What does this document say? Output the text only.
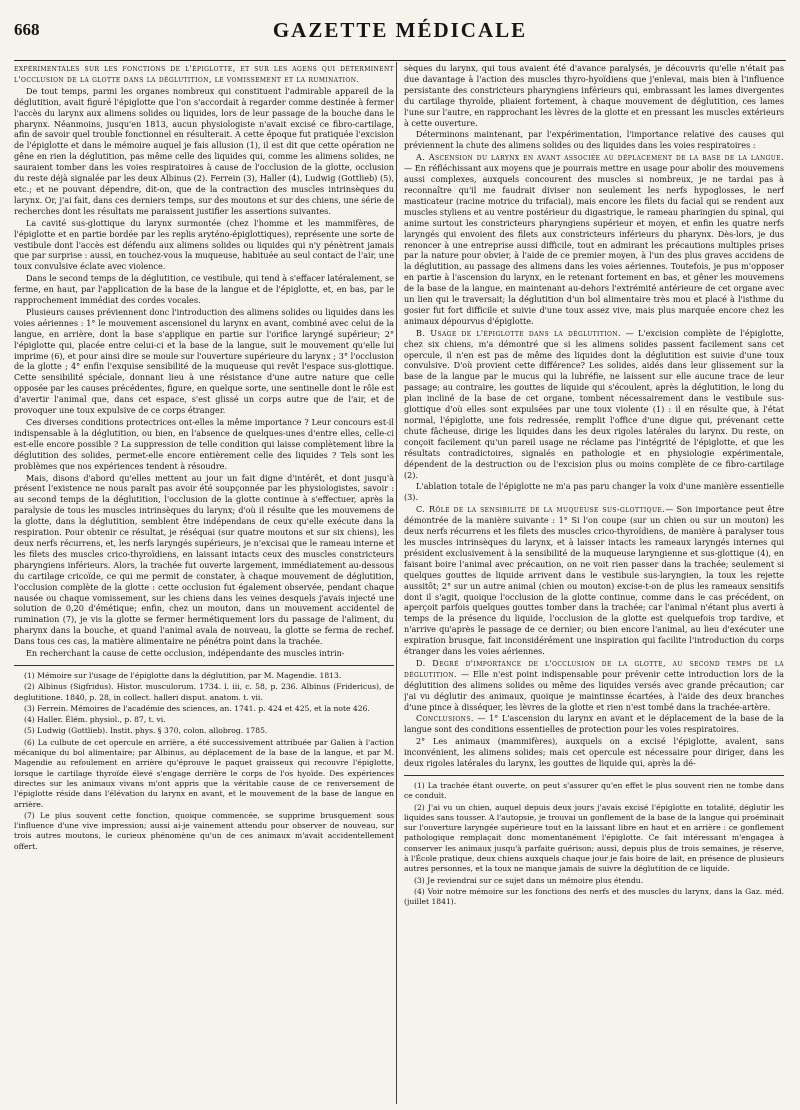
668	GAZETTE MÉDICALE

expérimentales sur les fonctions de l'épiglotte, et sur les agens qui déterminent l'occlusion de la glotte dans la déglutition, le vomissement et la rumination.

De tout temps, parmi les organes nombreux qui constituent l'admirable appareil de la déglutition, avait figuré l'épiglotte que l'on s'accordait à regarder comme destinée à fermer l'accès du larynx aux alimens solides ou liquides, lors de leur passage de la bouche dans le pharynx. Néanmoins, jusqu'en 1813, aucun physiologiste n'avait excisé ce fibro-cartilage, afin de savoir quel trouble fonctionnel en résulterait. A cette époque fut pratiquée l'excision de l'épiglotte et dans le mémoire auquel je fais allusion (1), il est dit que cette opération ne gêne en rien la déglutition, pas même celle des liquides qui, comme les alimens solides, ne sauraient tomber dans les voies respiratoires à cause de l'occlusion de la glotte, occlusion du reste déjà signalée par les deux Albinus (2). Ferrein (3), Haller (4), Ludwig (Gottlieb) (5), etc.; et ne pouvant dépendre, dit-on, que de la contraction des muscles intrinsèques du larynx. Or, j'ai fait, dans ces derniers temps, sur des moutons et sur des chiens, une série de recherches dont les résultats me paraissent justifier les assertions suivantes.

La cavité sus-glottique du larynx surmontée (chez l'homme et les mammifères, de l'épiglotte et en partie bordée par les replis aryténo-épiglottiques), représente une sorte de vestibule dont l'accès est défendu aux alimens solides ou liquides qui n'y pénètrent jamais que par surprise : aussi, en touchez-vous la muqueuse, habituée au seul contact de l'air, une toux convulsive éclate avec violence.

Dans le second temps de la déglutition, ce vestibule, qui tend à s'effacer latéralement, se ferme, en haut, par l'application de la base de la langue et de l'épiglotte, et, en bas, par le rapprochement immédiat des cordes vocales.

Plusieurs causes préviennent donc l'introduction des alimens solides ou liquides dans les voies aériennes : 1° le mouvement ascensionel du larynx en avant, combiné avec celui de la langue, en arrière, dont la base s'applique en partie sur l'orifice laryngé supérieur; 2° l'épiglotte qui, placée entre celui-ci et la base de la langue, suit le mouvement qu'elle lui imprime (6), et pour ainsi dire se moule sur l'ouverture supérieure du larynx ; 3° l'occlusion de la glotte ; 4° enfin l'exquise sensibilité de la muqueuse qui revêt l'espace sus-glottique. Cette sensibilité spéciale, donnant lieu à une résistance d'une autre nature que celle opposée par les causes précédentes, figure, en quelque sorte, une sentinelle dont le rôle est d'avertir l'animal que, dans cet espace, s'est glissé un corps autre que de l'air, et de provoquer une toux expulsive de ce corps étranger.

Ces diverses conditions protectrices ont-elles la même importance ? Leur concours est-il indispensable à la déglutition, ou bien, en l'absence de quelques-unes d'entre elles, celle-ci est-elle encore possible ? La suppression de telle condition qui laisse complètement libre la déglutition des solides, permet-elle encore entièrement celle des liquides ? Tels sont les problèmes que nos expériences tendent à résoudre.

Mais, disons d'abord qu'elles mettent au jour un fait digne d'intérêt, et dont jusqu'à présent l'existence ne nous paraît pas avoir été soupçonnée par les physiologistes, savoir : au second temps de la déglutition, l'occlusion de la glotte continue à s'effectuer, après la paralysie de tous les muscles intrinsèques du larynx; d'où il résulte que les mouvemens de la glotte, dans la déglutition, semblent être indépendans de ceux qu'elle exécute dans la respiration. Pour obtenir ce résultat, je réséquai (sur quatre moutons et sur six chiens), les deux nerfs récurrens, et, les nerfs laryngés supérieurs, je n'excisai que le rameau interne et les filets des muscles crico-thyroïdiens, en laissant intacts ceux des muscles constricteurs pharyngiens inférieurs. Alors, la trachée fut ouverte largement, immédiatement au-dessous du cartilage cricoïde, ce qui me permit de constater, à chaque mouvement de déglutition, l'occlusion complète de la glotte : cette occlusion fut également observée, pendant chaque nausée ou chaque vomissement, sur les chiens dans les veines desquels j'avais injecté une solution de 0,20 d'émétique; enfin, chez un mouton, dans un mouvement accidentel de rumination (7), je vis la glotte se fermer hermétiquement lors du passage de l'aliment, du pharynx dans la bouche, et quand l'animal avala de nouveau, la glotte se ferma de rechef. Dans tous ces cas, la matière alimentaire ne pénétra point dans la trachée.

En recherchant la cause de cette occlusion, indépendante des muscles intrin-

(1) Mémoire sur l'usage de l'épiglotte dans la déglutition, par M. Magendie. 1813.

(2) Albinus (Sigfridus). Histor. musculorum. 1734. l. iii, c. 58, p. 236. Albinus (Fridericus), de deglutitione. 1840, p. 28, in collect. halleri disput. anatom. t. vii.

(3) Ferrein. Mémoires de l'académie des sciences, an. 1741. p. 424 et 425, et la note 426.

(4) Haller. Élém. physiol., p. 87, t. vi.

(5) Ludwig (Gottlieb). Instit. phys. § 370, colon. allobrog. 1785.

(6) La culbute de cet opercule en arrière, a été successivement attribuée par Galien à l'action mécanique du bol alimentaire; par Albinus, au déplacement de la base de la langue, et par M. Magendie au refoulement en arrière qu'éprouve le paquet graisseux qui recouvre l'épiglotte, lorsque le cartilage thyroïde élevé s'engage derrière le corps de l'os hyoïde. Des expériences directes sur les animaux vivans m'ont appris que la véritable cause de ce renversement de l'épiglotte réside dans l'élévation du larynx en avant, et le mouvement de la base de langue en arrière.

(7) Le plus souvent cette fonction, quoique commencée, se supprime brusquement sous l'influence d'une vive impression; aussi ai-je vainement attendu pour observer de nouveau, sur trois autres moutons, le curieux phénomène qu'un de ces animaux m'avait accidentellement offert.

sèques du larynx, qui tous avaient été d'avance paralysés, je découvris qu'elle n'était pas due davantage à l'action des muscles thyro-hyoïdiens que j'enlevai, mais bien à l'influence persistante des constricteurs pharyngiens inférieurs qui, embrassant les lames divergentes du cartilage thyroïde, pliaient fortement, à chaque mouvement de déglutition, ces lames l'une sur l'autre, en rapprochant les lèvres de la glotte et en pressant les muscles extérieurs à cette ouverture.

Déterminons maintenant, par l'expérimentation, l'importance relative des causes qui préviennent la chute des alimens solides ou des liquides dans les voies respiratoires :

A. Ascension du larynx en avant associée au déplacement de la base de la langue. — En réfléchissant aux moyens que je pourrais mettre en usage pour abolir des mouvemens aussi complexes, auxquels concourent des muscles si nombreux, je ne tardai pas à reconnaître qu'il me faudrait diviser non seulement les nerfs hypoglosses, le nerf masticateur (racine motrice du trifacial), mais encore les filets du facial qui se rendent aux muscles styliens et au ventre postérieur du digastrique, le rameau pharingien du spinal, qui anime surtout les constricteurs pharyngiens supérieur et moyen, et enfin les quatre nerfs laryngés qui envoient des filets aux constricteurs inférieurs du pharynx. Dès-lors, je dus renoncer à une entreprise aussi difficile, tout en admirant les précautions multiples prises par la nature pour obvier, à l'aide de ce premier moyen, à l'un des plus graves accidens de la déglutition, au passage des alimens dans les voies aériennes. Toutefois, je pus m'opposer en partie à l'ascension du larynx, en le retenant fortement en bas, et gêner les mouvemens de la base de la langue, en maintenant au-dehors l'extrémité antérieure de cet organe avec un lien qui le traversait; la déglutition d'un bol alimentaire très mou et placé à l'isthme du gosier fut fort difficile et suivie d'une toux assez vive, mais plus marquée encore chez les animaux dépourvus d'épiglotte.

B. Usage de l'épiglotte dans la déglutition. — L'excision complète de l'épiglotte, chez six chiens, m'a démontré que si les alimens solides passent facilement sans cet opercule, il n'en est pas de même des liquides dont la déglutition est suivie d'une toux convulsive. D'où provient cette différence? Les solides, aidés dans leur glissement sur la base de la langue par le mucus qui la lubréfie, ne laissent sur elle aucune trace de leur passage; au contraire, les gouttes de liquide qui s'écoulent, après la déglutition, le long du plan incliné de la base de cet organe, tombent nécessairement dans le vestibule sus-glottique d'où elles sont expulsées par une toux violente (1) : il en résulte que, à l'état normal, l'épiglotte, une fois redressée, remplit l'office d'une digue qui, prévenant cette chute fâcheuse, dirige les liquides dans les deux rigoles latérales du larynx. Du reste, on conçoit facilement qu'un pareil usage ne réclame pas l'intégrité de l'épiglotte, et que les résultats contradictoires, signalés en pathologie et en physiologie expérimentale, dépendent de la destruction ou de l'excision plus ou moins complète de ce fibro-cartilage (2).

L'ablation totale de l'épiglotte ne m'a pas paru changer la voix d'une manière essentielle (3).

C. Rôle de la sensibilité de la muqueuse sus-glottique.— Son importance peut être démontrée de la manière suivante : 1° Si l'on coupe (sur un chien ou sur un mouton) les deux nerfs récurrens et les filets des muscles crico-thyroïdiens, de manière à paralyser tous les muscles intrinsèques du larynx, et à laisser intacts les rameaux laryngés internes qui président exclusivement à la sensibilité de la muqueuse laryngienne et sus-glottique (4), en faisant boire l'animal avec précaution, on ne voit rien passer dans la trachée; seulement si quelques gouttes de liquide arrivent dans le vestibule sus-laryngien, la toux les rejette aussitôt; 2° sur un autre animal (chien ou mouton) excise-t-on de plus les rameaux sensitifs dont il s'agit, quoique l'occlusion de la glotte continue, comme dans le cas précédent, on aperçoit parfois quelques gouttes tomber dans la trachée; car l'animal n'étant plus averti à temps de la présence du liquide, l'occlusion de la glotte est quelquefois trop tardive, et n'arrive qu'après le passage de ce dernier; ou bien encore l'animal, au lieu d'exécuter une expiration brusque, fait inconsidérément une inspiration qui facilite l'introduction du corps étranger dans les voies aériennes.

D. Degré d'importance de l'occlusion de la glotte, au second temps de la déglutition. — Elle n'est point indispensable pour prévenir cette introduction lors de la déglutition des alimens solides ou même des liquides versés avec grande précaution; car j'ai vu déglutir des animaux, quoique je maintinsse écartées, à l'aide des deux branches d'une pince à disséquer, les lèvres de la glotte et rien n'est tombé dans la trachée-artère.

Conclusions. — 1° L'ascension du larynx en avant et le déplacement de la base de la langue sont des conditions essentielles de protection pour les voies respiratoires.

2° Les animaux (mammifères), auxquels on a excisé l'épiglotte, avalent, sans inconvénient, les alimens solides; mais cet opercule est nécessaire pour diriger, dans les deux rigoles latérales du larynx, les gouttes de liquide qui, après la dé-

(1) La trachée étant ouverte, on peut s'assurer qu'en effet le plus souvent rien ne tombe dans ce conduit.

(2) J'ai vu un chien, auquel depuis deux jours j'avais excisé l'épiglotte en totalité, déglutir les liquides sans tousser. A l'autopsie, je trouvai un gonflement de la base de la langue qui proéminait sur l'ouverture laryngée supérieure tout en la laissant libre en haut et en arrière : ce gonflement pathologique remplaçait donc momentanément l'épiglotte. Ce fait intéressant m'engagea à conserver les animaux jusqu'à parfaite guérison; aussi, depuis plus de trois semaines, je réserve, à l'École pratique, deux chiens auxquels chaque jour je fais boire de lait, en présence de plusieurs autres personnes, et la toux ne manque jamais de suivre la déglutition de ce liquide.

(3) Je reviendrai sur ce sujet dans un mémoire plus étendu.

(4) Voir notre mémoire sur les fonctions des nerfs et des muscles du larynx, dans la Gaz. méd. (juillet 1841).
